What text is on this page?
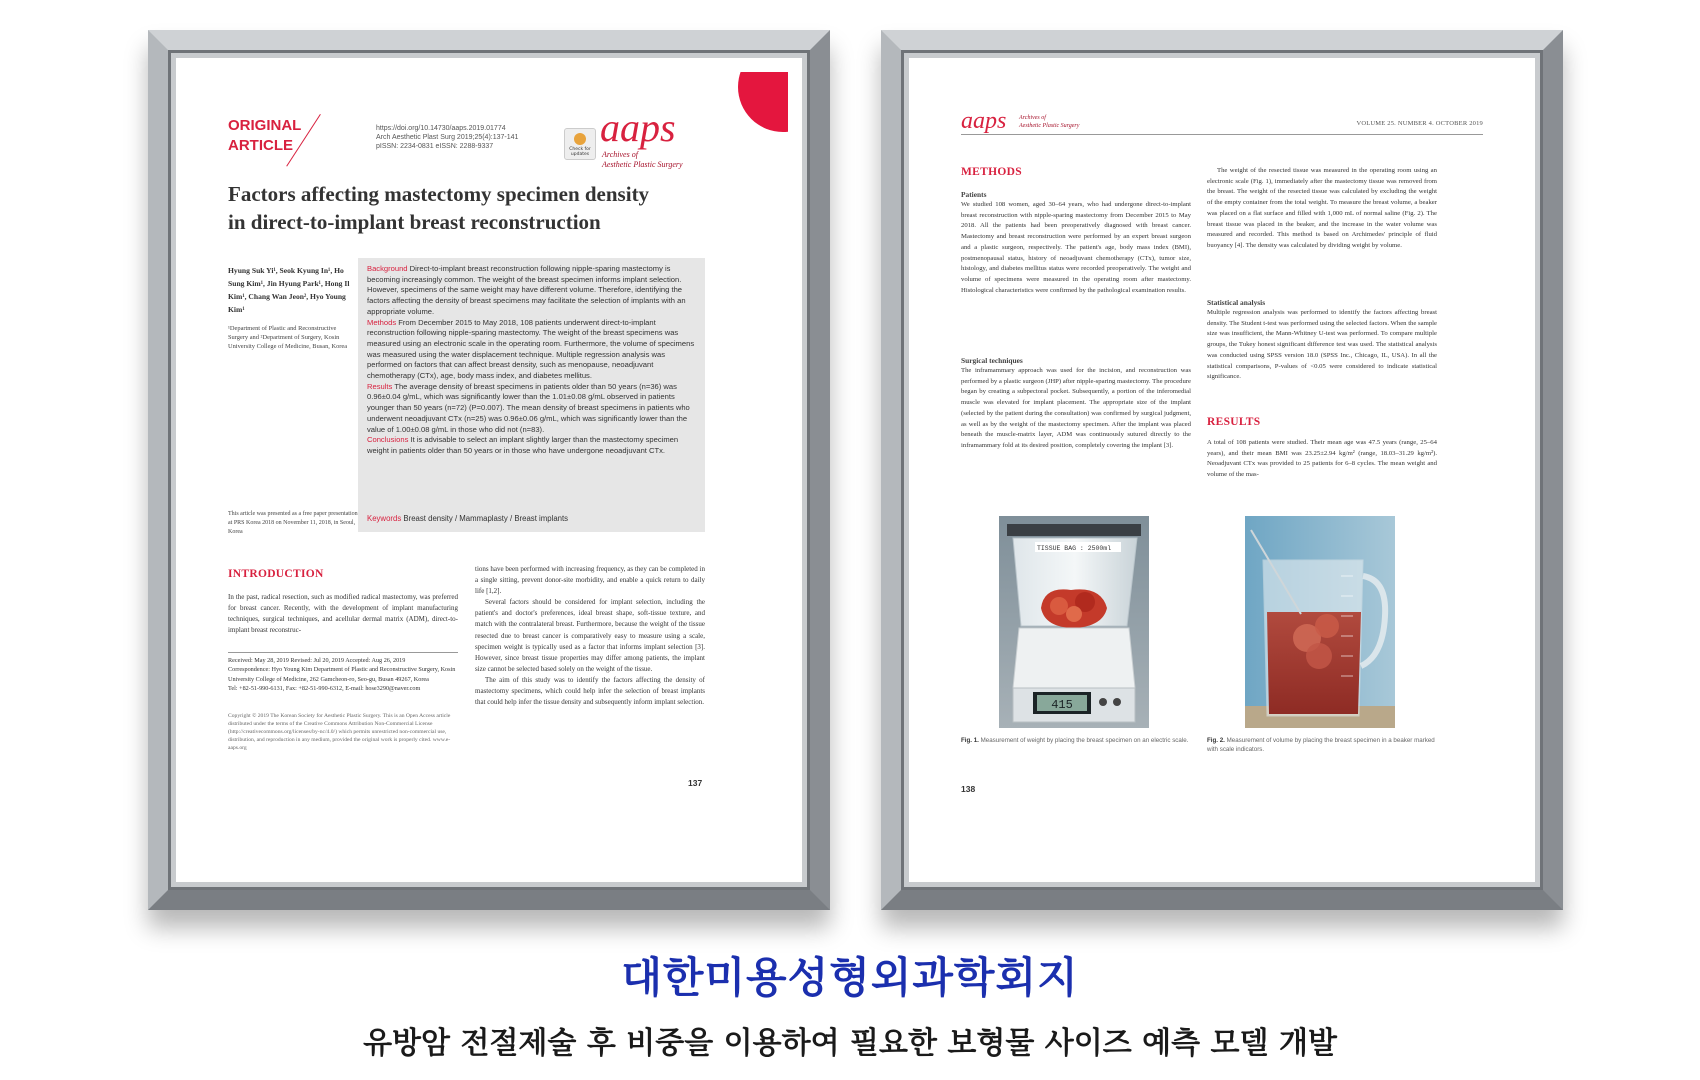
ORIGINAL
ARTICLE
https://doi.org/10.14730/aaps.2019.01774
Arch Aesthetic Plast Surg 2019;25(4):137-141
pISSN: 2234-0831 eISSN: 2288-9337	Check for updates
aaps
Archives of
Aesthetic Plastic Surgery
Factors affecting mastectomy specimen density in direct-to-implant breast reconstruction
Hyung Suk Yi¹, Seok Kyung In¹, Ho Sung Kim¹, Jin Hyung Park¹, Hong Il Kim¹, Chang Wan Jeon², Hyo Young Kim¹
¹Department of Plastic and Reconstructive Surgery and ²Department of Surgery, Kosin University College of Medicine, Busan, Korea
This article was presented as a free paper presentation at PRS Korea 2018 on November 11, 2018, in Seoul, Korea

Background Direct-to-implant breast reconstruction following nipple-sparing mastectomy is becoming increasingly common. The weight of the breast specimen informs implant selection. However, specimens of the same weight may have different volume. Therefore, identifying the factors affecting the density of breast specimens may facilitate the selection of implants with an appropriate volume.

Methods From December 2015 to May 2018, 108 patients underwent direct-to-implant reconstruction following nipple-sparing mastectomy. The weight of the breast specimens was measured using an electronic scale in the operating room. Furthermore, the volume of specimens was measured using the water displacement technique. Multiple regression analysis was performed on factors that can affect breast density, such as menopause, neoadjuvant chemotherapy (CTx), age, body mass index, and diabetes mellitus.

Results The average density of breast specimens in patients older than 50 years (n=36) was 0.96±0.04 g/mL, which was significantly lower than the 1.01±0.08 g/mL observed in patients younger than 50 years (n=72) (P=0.007). The mean density of breast specimens in patients who underwent neoadjuvant CTx (n=25) was 0.96±0.06 g/mL, which was significantly lower than the value of 1.00±0.08 g/mL in those who did not (n=83).

Conclusions It is advisable to select an implant slightly larger than the mastectomy specimen weight in patients older than 50 years or in those who have undergone neoadjuvant CTx.

Keywords Breast density / Mammaplasty / Breast implants
INTRODUCTION

In the past, radical resection, such as modified radical mastectomy, was preferred for breast cancer. Recently, with the development of implant manufacturing techniques, surgical techniques, and acellular dermal matrix (ADM), direct-to-implant breast reconstruc-

Received: May 28, 2019 Revised: Jul 20, 2019 Accepted: Aug 26, 2019
Correspondence: Hyo Young Kim Department of Plastic and Reconstructive Surgery, Kosin University College of Medicine, 262 Gamcheon-ro, Seo-gu, Busan 49267, Korea
Tel: +82-51-990-6131, Fax: +82-51-990-6312, E-mail: hose3290@naver.com
Copyright © 2019 The Korean Society for Aesthetic Plastic Surgery. This is an Open Access article distributed under the terms of the Creative Commons Attribution Non-Commercial License (http://creativecommons.org/licenses/by-nc/4.0/) which permits unrestricted non-commercial use, distribution, and reproduction in any medium, provided the original work is properly cited. www.e-aaps.org

tions have been performed with increasing frequency, as they can be completed in a single sitting, prevent donor-site morbidity, and enable a quick return to daily life [1,2].

Several factors should be considered for implant selection, including the patient's and doctor's preferences, ideal breast shape, soft-tissue texture, and match with the contralateral breast. Furthermore, because the weight of the tissue resected due to breast cancer is comparatively easy to measure using a scale, specimen weight is typically used as a factor that informs implant selection [3]. However, since breast tissue properties may differ among patients, the implant size cannot be selected based solely on the weight of the tissue.

The aim of this study was to identify the factors affecting the density of mastectomy specimens, which could help infer the selection of breast implants that could help infer the tissue density and subsequently inform implant selection.

137
aaps Archives of
Aesthetic Plastic Surgery	VOLUME 25. NUMBER 4. OCTOBER 2019
METHODS
Patients
We studied 108 women, aged 30–64 years, who had undergone direct-to-implant breast reconstruction with nipple-sparing mastectomy from December 2015 to May 2018. All the patients had been preoperatively diagnosed with breast cancer. Mastectomy and breast reconstruction were performed by an expert breast surgeon and a plastic surgeon, respectively. The patient's age, body mass index (BMI), postmenopausal status, history of neoadjuvant chemotherapy (CTx), tumor size, histology, and diabetes mellitus status were recorded preoperatively. The weight and volume of specimens were measured in the operating room after mastectomy. Histological characteristics were confirmed by the pathological examination results.
Surgical techniques
The inframammary approach was used for the incision, and reconstruction was performed by a plastic surgeon (JHP) after nipple-sparing mastectomy. The procedure began by creating a subpectoral pocket. Subsequently, a portion of the inferomedial muscle was elevated for implant placement. The appropriate size of the implant (selected by the patient during the consultation) was confirmed by surgical judgment, as well as by the weight of the mastectomy specimen. After the implant was placed beneath the muscle-matrix layer, ADM was continuously sutured directly to the inframammary fold at its desired position, completely covering the implant [3].
The weight of the resected tissue was measured in the operating room using an electronic scale (Fig. 1), immediately after the mastectomy tissue was removed from the breast. The weight of the resected tissue was calculated by excluding the weight of the empty container from the total weight. To measure the breast volume, a beaker was placed on a flat surface and filled with 1,000 mL of normal saline (Fig. 2). The breast tissue was placed in the beaker, and the increase in the water volume was measured and recorded. This method is based on Archimedes' principle of fluid buoyancy [4]. The density was calculated by dividing weight by volume.
Statistical analysis
Multiple regression analysis was performed to identify the factors affecting breast density. The Student t-test was performed using the selected factors. When the sample size was insufficient, the Mann-Whitney U-test was performed. To compare multiple groups, the Tukey honest significant difference test was used. The statistical analysis was conducted using SPSS version 18.0 (SPSS Inc., Chicago, IL, USA). In all the statistical comparisons, P-values of <0.05 were considered to indicate statistical significance.
RESULTS
A total of 108 patients were studied. Their mean age was 47.5 years (range, 25–64 years), and their mean BMI was 23.25±2.94 kg/m² (range, 18.03–31.29 kg/m²). Neoadjuvant CTx was provided to 25 patients for 6–8 cycles. The mean weight and volume of the mas-
TISSUE BAG : 2500ml
415
Fig. 1. Measurement of weight by placing the breast specimen on an electric scale.	Fig. 2. Measurement of volume by placing the breast specimen in a beaker marked with scale indicators.
138
대한미용성형외과학회지
유방암 전절제술 후 비중을 이용하여 필요한 보형물 사이즈 예측 모델 개발
